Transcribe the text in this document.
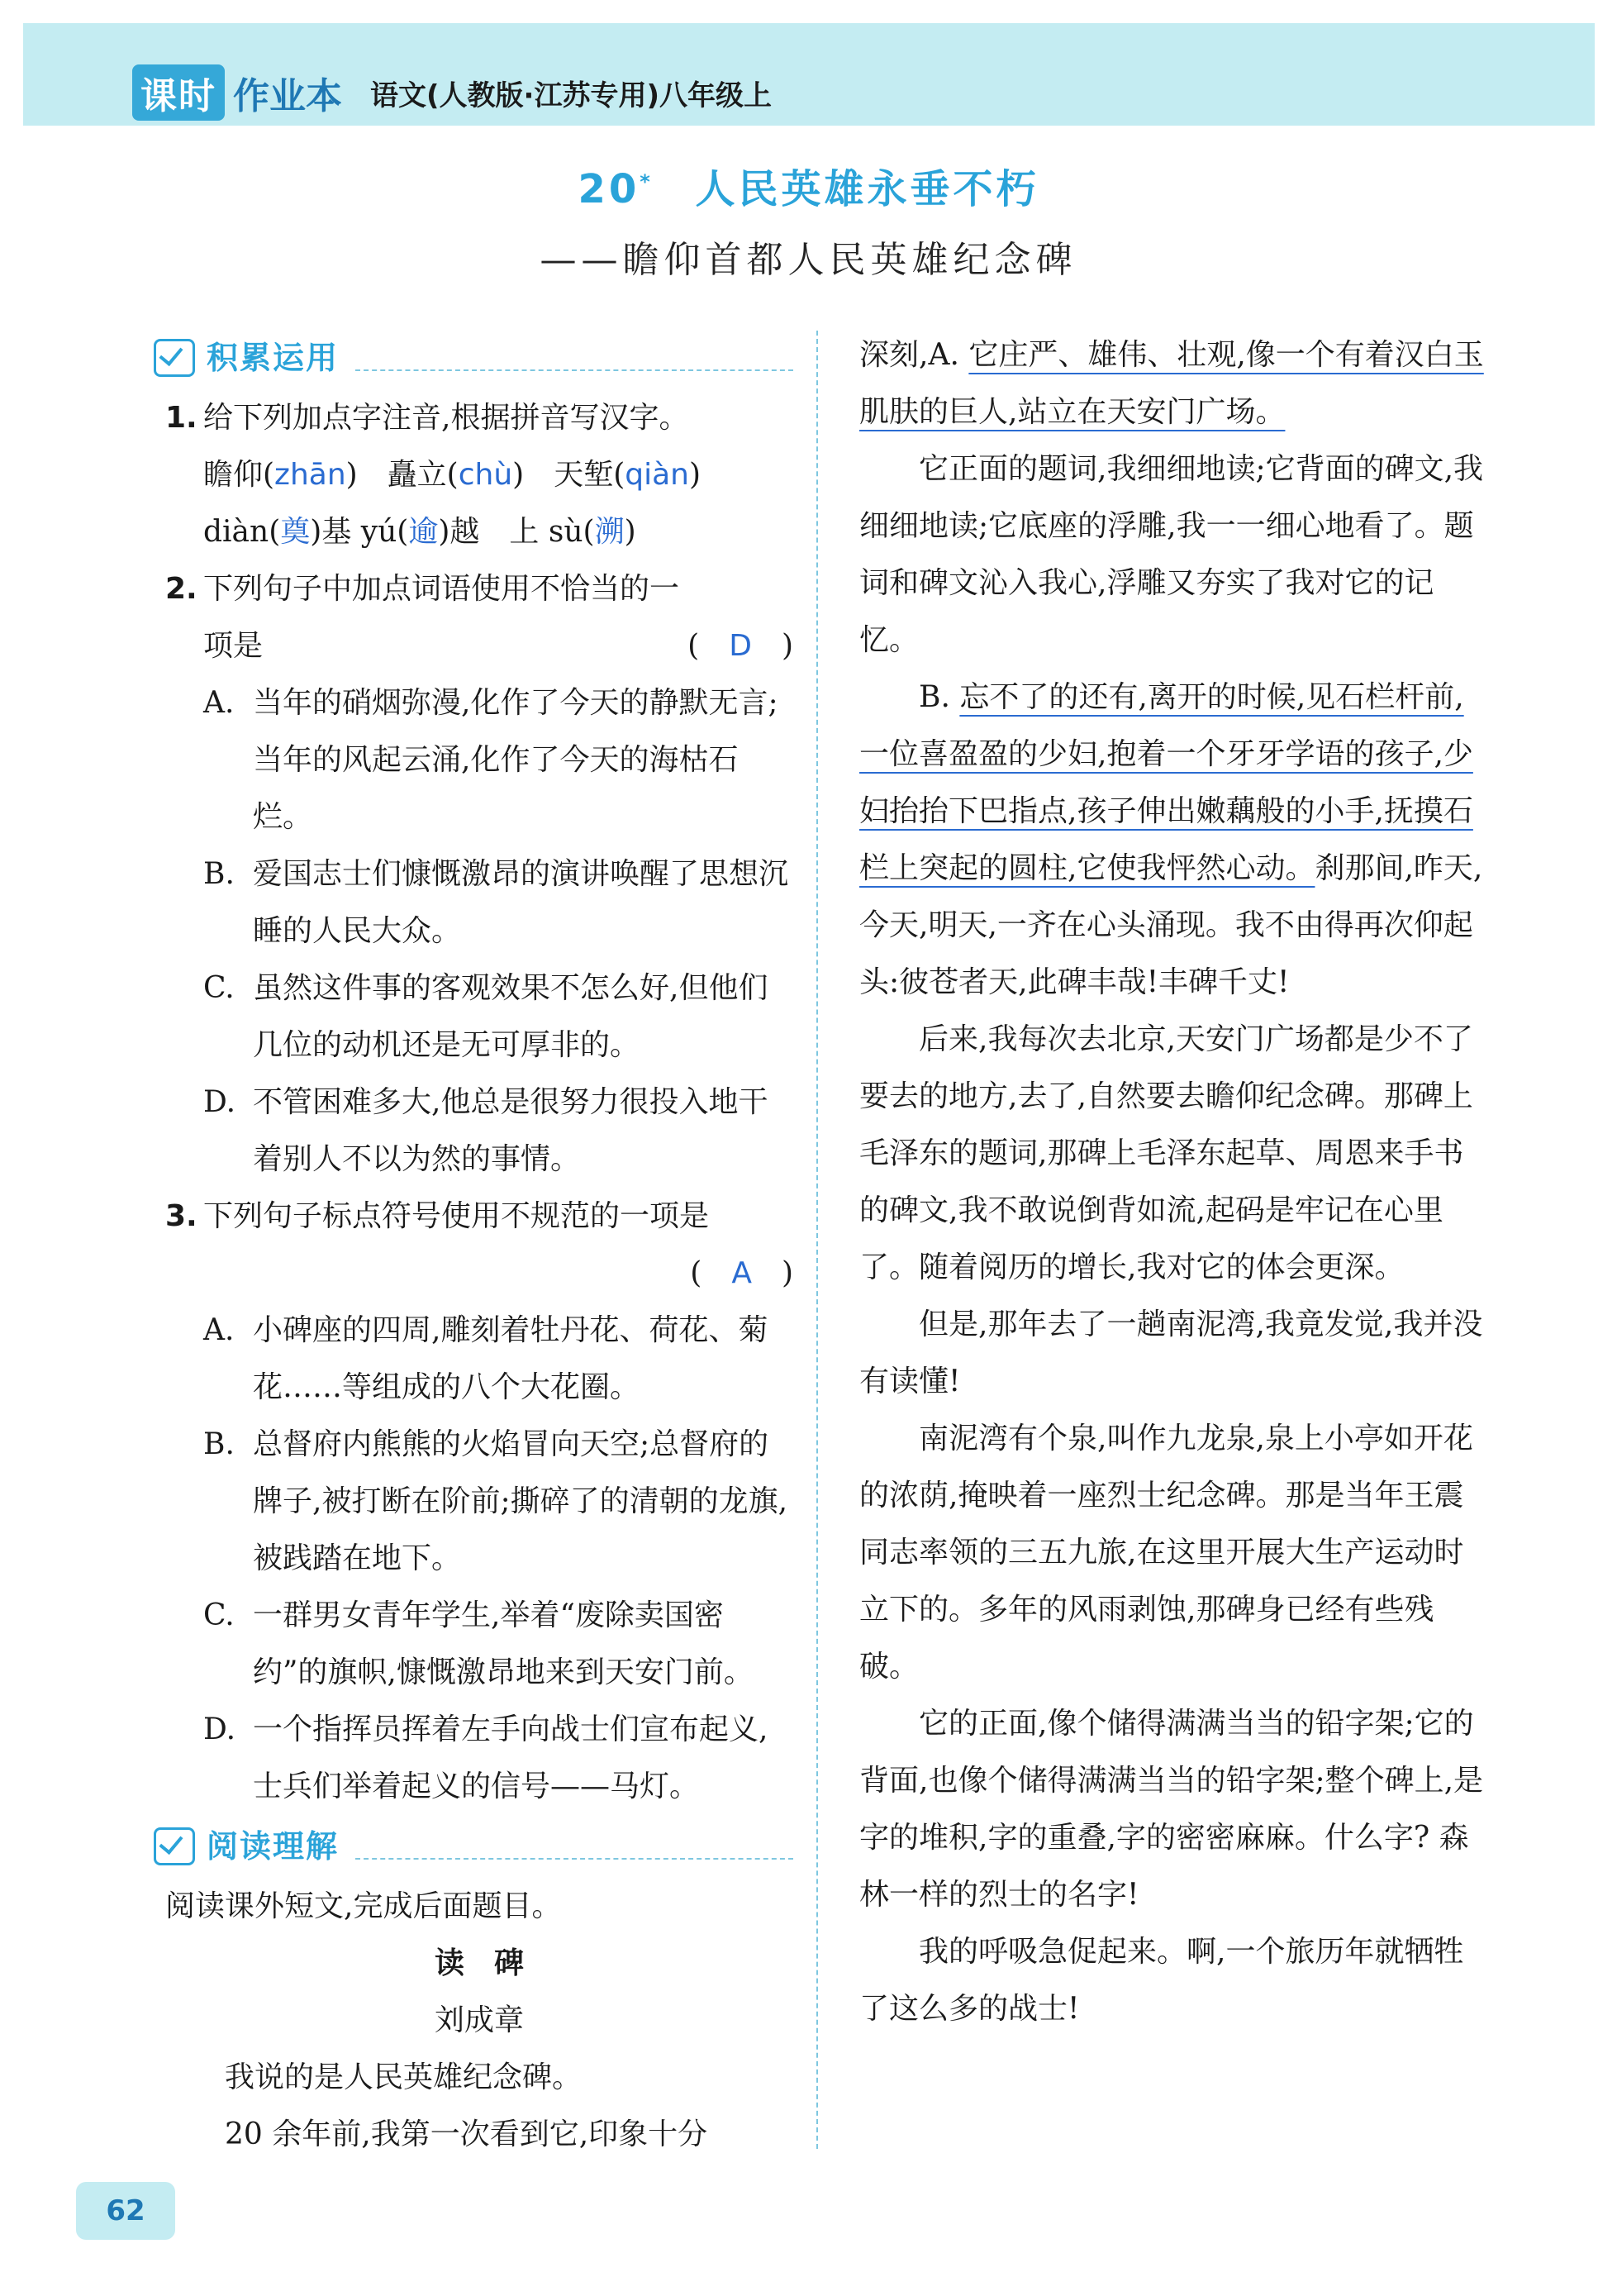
课时 作业本 语文(人教版·江苏专用)八年级上
20* 人民英雄永垂不朽
——瞻仰首都人民英雄纪念碑
积累运用
1. 给下列加点字注音,根据拼音写汉字。
瞻仰(zhān)　矗立(chù)　天堑(qiàn)
diàn(奠)基 yú(逾)越　上 sù(溯)
2. 下列句子中加点词语使用不恰当的一
项是	(　D　)
A. 当年的硝烟弥漫,化作了今天的静默无言;当年的风起云涌,化作了今天的海枯石烂。
B. 爱国志士们慷慨激昂的演讲唤醒了思想沉睡的人民大众。
C. 虽然这件事的客观效果不怎么好,但他们几位的动机还是无可厚非的。
D. 不管困难多大,他总是很努力很投入地干着别人不以为然的事情。
3. 下列句子标点符号使用不规范的一项是
(　A　)
A. 小碑座的四周,雕刻着牡丹花、荷花、菊花……等组成的八个大花圈。
B. 总督府内熊熊的火焰冒向天空;总督府的牌子,被打断在阶前;撕碎了的清朝的龙旗,被践踏在地下。
C. 一群男女青年学生,举着“废除卖国密约”的旗帜,慷慨激昂地来到天安门前。
D. 一个指挥员挥着左手向战士们宣布起义,士兵们举着起义的信号——马灯。
阅读理解
阅读课外短文,完成后面题目。
读　碑
刘成章
我说的是人民英雄纪念碑。
20 余年前,我第一次看到它,印象十分
深刻,A. 它庄严、雄伟、壮观,像一个有着汉白玉肌肤的巨人,站立在天安门广场。
它正面的题词,我细细地读;它背面的碑文,我细细地读;它底座的浮雕,我一一细心地看了。题词和碑文沁入我心,浮雕又夯实了我对它的记忆。
B. 忘不了的还有,离开的时候,见石栏杆前,一位喜盈盈的少妇,抱着一个牙牙学语的孩子,少妇抬抬下巴指点,孩子伸出嫩藕般的小手,抚摸石栏上突起的圆柱,它使我怦然心动。刹那间,昨天,今天,明天,一齐在心头涌现。我不由得再次仰起头:彼苍者天,此碑丰哉!丰碑千丈!
后来,我每次去北京,天安门广场都是少不了要去的地方,去了,自然要去瞻仰纪念碑。那碑上毛泽东的题词,那碑上毛泽东起草、周恩来手书的碑文,我不敢说倒背如流,起码是牢记在心里了。随着阅历的增长,我对它的体会更深。
但是,那年去了一趟南泥湾,我竟发觉,我并没有读懂!
南泥湾有个泉,叫作九龙泉,泉上小亭如开花的浓荫,掩映着一座烈士纪念碑。那是当年王震同志率领的三五九旅,在这里开展大生产运动时立下的。多年的风雨剥蚀,那碑身已经有些残破。
它的正面,像个储得满满当当的铅字架;它的背面,也像个储得满满当当的铅字架;整个碑上,是字的堆积,字的重叠,字的密密麻麻。什么字? 森林一样的烈士的名字!
我的呼吸急促起来。啊,一个旅历年就牺牲了这么多的战士!
62
